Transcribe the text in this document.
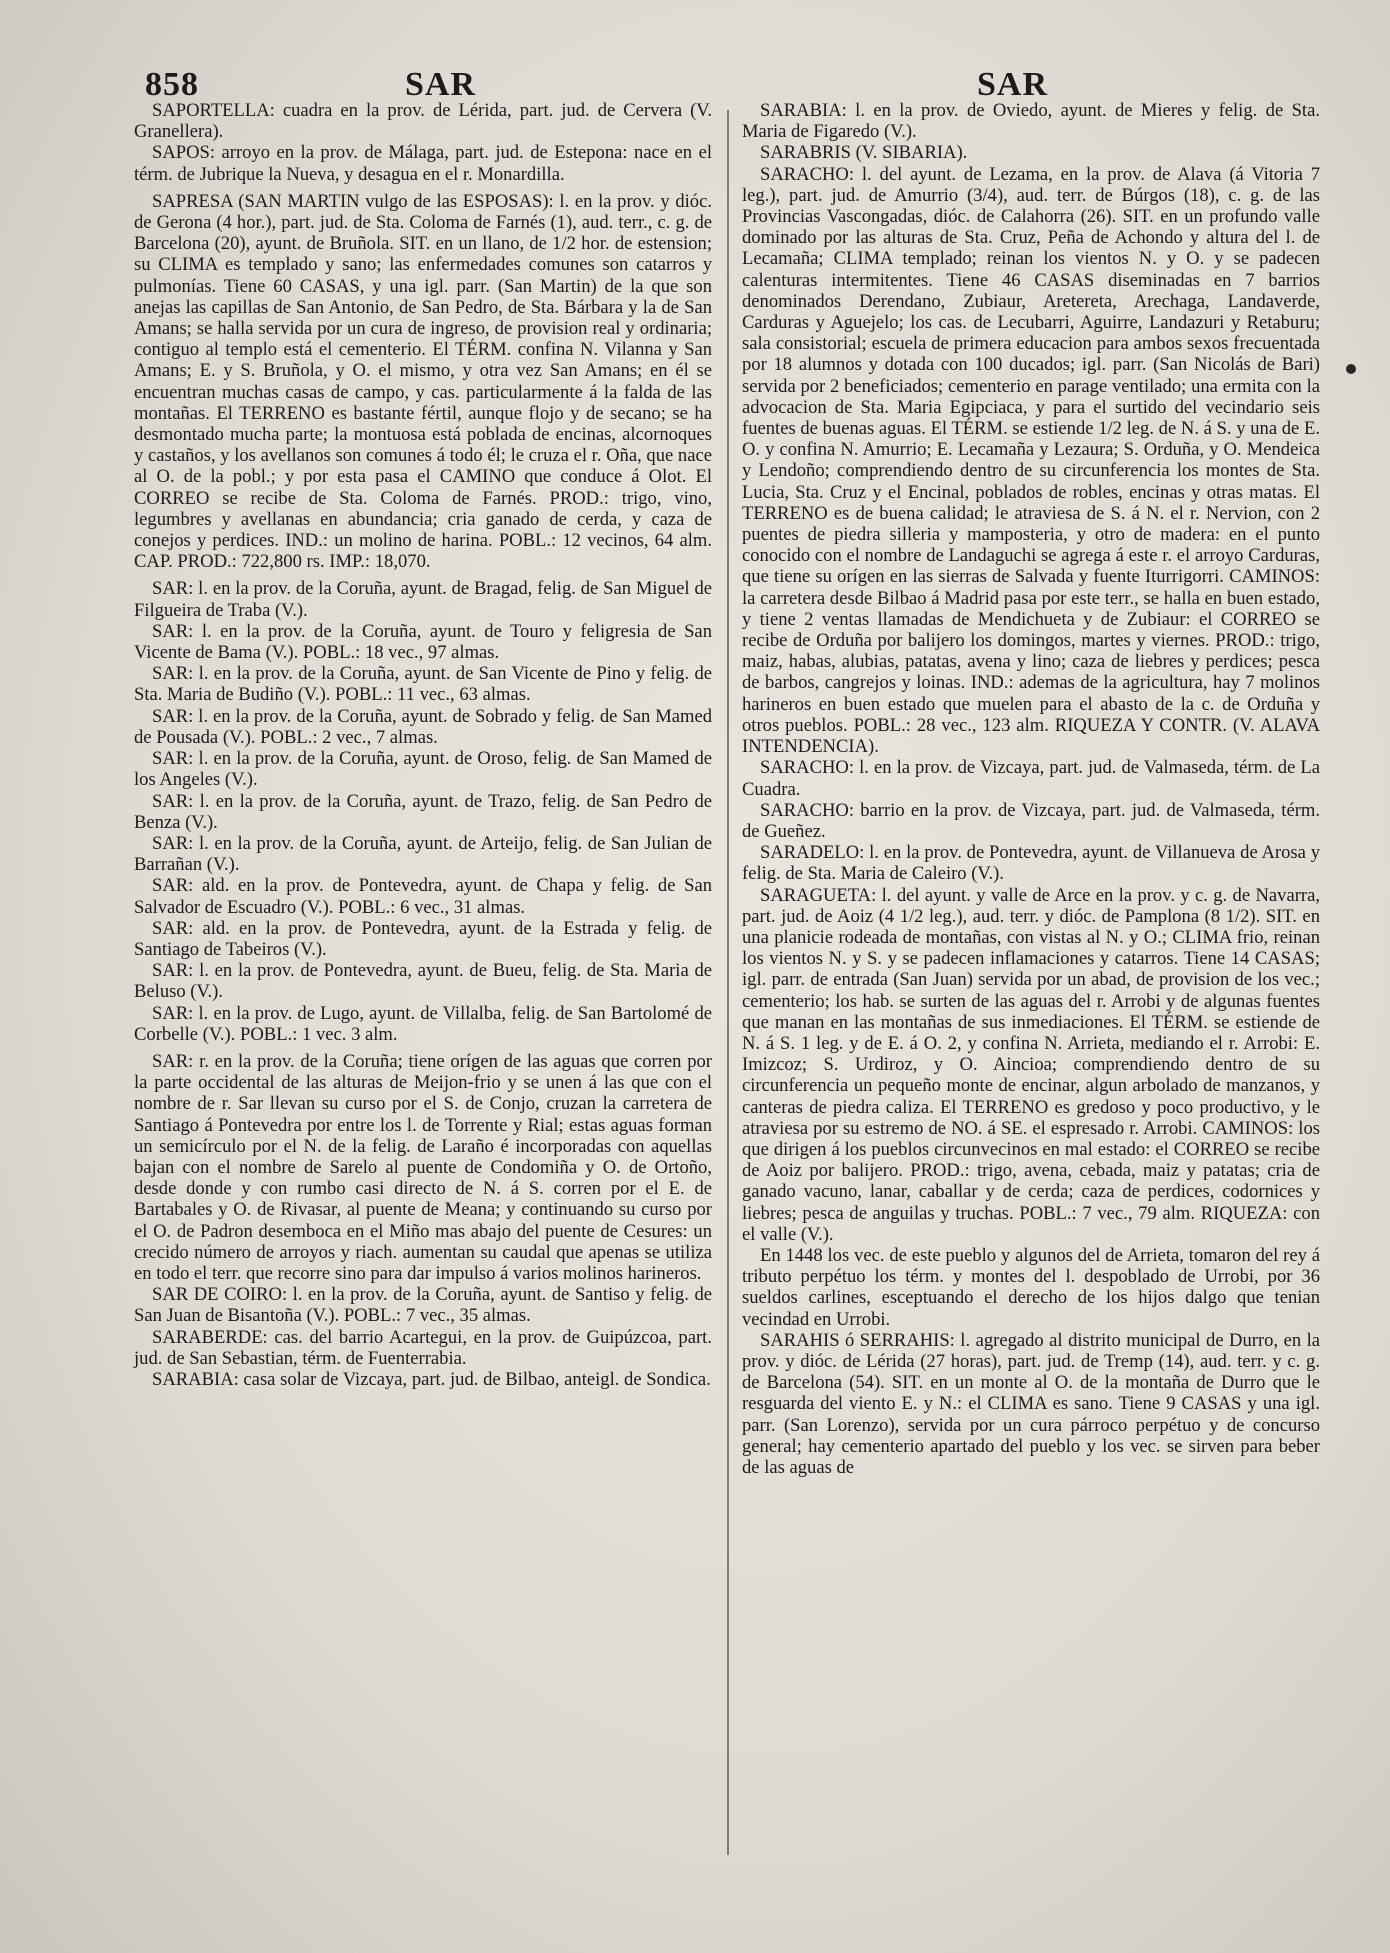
858	SAR	SAR

SAPORTELLA: cuadra en la prov. de Lérida, part. jud. de Cervera (V. Granellera).

SAPOS: arroyo en la prov. de Málaga, part. jud. de Estepona: nace en el térm. de Jubrique la Nueva, y desagua en el r. Monardilla.

SAPRESA (SAN MARTIN vulgo de las ESPOSAS): l. en la prov. y dióc. de Gerona (4 hor.), part. jud. de Sta. Coloma de Farnés (1), aud. terr., c. g. de Barcelona (20), ayunt. de Bruñola. SIT. en un llano, de 1/2 hor. de estension; su CLIMA es templado y sano; las enfermedades comunes son catarros y pulmonías. Tiene 60 CASAS, y una igl. parr. (San Martin) de la que son anejas las capillas de San Antonio, de San Pedro, de Sta. Bárbara y la de San Amans; se halla servida por un cura de ingreso, de provision real y ordinaria; contiguo al templo está el cementerio. El TÉRM. confina N. Vilanna y San Amans; E. y S. Bruñola, y O. el mismo, y otra vez San Amans; en él se encuentran muchas casas de campo, y cas. particularmente á la falda de las montañas. El TERRENO es bastante fértil, aunque flojo y de secano; se ha desmontado mucha parte; la montuosa está poblada de encinas, alcornoques y castaños, y los avellanos son comunes á todo él; le cruza el r. Oña, que nace al O. de la pobl.; y por esta pasa el CAMINO que conduce á Olot. El CORREO se recibe de Sta. Coloma de Farnés. PROD.: trigo, vino, legumbres y avellanas en abundancia; cria ganado de cerda, y caza de conejos y perdices. IND.: un molino de harina. POBL.: 12 vecinos, 64 alm. CAP. PROD.: 722,800 rs. IMP.: 18,070.

SAR: l. en la prov. de la Coruña, ayunt. de Bragad, felig. de San Miguel de Filgueira de Traba (V.).

SAR: l. en la prov. de la Coruña, ayunt. de Touro y feligresia de San Vicente de Bama (V.). POBL.: 18 vec., 97 almas.

SAR: l. en la prov. de la Coruña, ayunt. de San Vicente de Pino y felig. de Sta. Maria de Budiño (V.). POBL.: 11 vec., 63 almas.

SAR: l. en la prov. de la Coruña, ayunt. de Sobrado y felig. de San Mamed de Pousada (V.). POBL.: 2 vec., 7 almas.

SAR: l. en la prov. de la Coruña, ayunt. de Oroso, felig. de San Mamed de los Angeles (V.).

SAR: l. en la prov. de la Coruña, ayunt. de Trazo, felig. de San Pedro de Benza (V.).

SAR: l. en la prov. de la Coruña, ayunt. de Arteijo, felig. de San Julian de Barrañan (V.).

SAR: ald. en la prov. de Pontevedra, ayunt. de Chapa y felig. de San Salvador de Escuadro (V.). POBL.: 6 vec., 31 almas.

SAR: ald. en la prov. de Pontevedra, ayunt. de la Estrada y felig. de Santiago de Tabeiros (V.).

SAR: l. en la prov. de Pontevedra, ayunt. de Bueu, felig. de Sta. Maria de Beluso (V.).

SAR: l. en la prov. de Lugo, ayunt. de Villalba, felig. de San Bartolomé de Corbelle (V.). POBL.: 1 vec. 3 alm.

SAR: r. en la prov. de la Coruña; tiene orígen de las aguas que corren por la parte occidental de las alturas de Meijon-frio y se unen á las que con el nombre de r. Sar llevan su curso por el S. de Conjo, cruzan la carretera de Santiago á Pontevedra por entre los l. de Torrente y Rial; estas aguas forman un semicírculo por el N. de la felig. de Laraño é incorporadas con aquellas bajan con el nombre de Sarelo al puente de Condomiña y O. de Ortoño, desde donde y con rumbo casi directo de N. á S. corren por el E. de Bartabales y O. de Rivasar, al puente de Meana; y continuando su curso por el O. de Padron desemboca en el Miño mas abajo del puente de Cesures: un crecido número de arroyos y riach. aumentan su caudal que apenas se utiliza en todo el terr. que recorre sino para dar impulso á varios molinos harineros.

SAR DE COIRO: l. en la prov. de la Coruña, ayunt. de Santiso y felig. de San Juan de Bisantoña (V.). POBL.: 7 vec., 35 almas.

SARABERDE: cas. del barrio Acartegui, en la prov. de Guipúzcoa, part. jud. de San Sebastian, térm. de Fuenterrabia.

SARABIA: casa solar de Vizcaya, part. jud. de Bilbao, anteigl. de Sondica.

SARABIA: l. en la prov. de Oviedo, ayunt. de Mieres y felig. de Sta. Maria de Figaredo (V.).

SARABRIS (V. SIBARIA).

SARACHO: l. del ayunt. de Lezama, en la prov. de Alava (á Vitoria 7 leg.), part. jud. de Amurrio (3/4), aud. terr. de Búrgos (18), c. g. de las Provincias Vascongadas, dióc. de Calahorra (26). SIT. en un profundo valle dominado por las alturas de Sta. Cruz, Peña de Achondo y altura del l. de Lecamaña; CLIMA templado; reinan los vientos N. y O. y se padecen calenturas intermitentes. Tiene 46 CASAS diseminadas en 7 barrios denominados Derendano, Zubiaur, Aretereta, Arechaga, Landaverde, Carduras y Aguejelo; los cas. de Lecubarri, Aguirre, Landazuri y Retaburu; sala consistorial; escuela de primera educacion para ambos sexos frecuentada por 18 alumnos y dotada con 100 ducados; igl. parr. (San Nicolás de Bari) servida por 2 beneficiados; cementerio en parage ventilado; una ermita con la advocacion de Sta. Maria Egipciaca, y para el surtido del vecindario seis fuentes de buenas aguas. El TÉRM. se estiende 1/2 leg. de N. á S. y una de E. O. y confina N. Amurrio; E. Lecamaña y Lezaura; S. Orduña, y O. Mendeica y Lendoño; comprendiendo dentro de su circunferencia los montes de Sta. Lucia, Sta. Cruz y el Encinal, poblados de robles, encinas y otras matas. El TERRENO es de buena calidad; le atraviesa de S. á N. el r. Nervion, con 2 puentes de piedra silleria y mamposteria, y otro de madera: en el punto conocido con el nombre de Landaguchi se agrega á este r. el arroyo Carduras, que tiene su orígen en las sierras de Salvada y fuente Iturrigorri. CAMINOS: la carretera desde Bilbao á Madrid pasa por este terr., se halla en buen estado, y tiene 2 ventas llamadas de Mendichueta y de Zubiaur: el CORREO se recibe de Orduña por balijero los domingos, martes y viernes. PROD.: trigo, maiz, habas, alubias, patatas, avena y lino; caza de liebres y perdices; pesca de barbos, cangrejos y loinas. IND.: ademas de la agricultura, hay 7 molinos harineros en buen estado que muelen para el abasto de la c. de Orduña y otros pueblos. POBL.: 28 vec., 123 alm. RIQUEZA Y CONTR. (V. ALAVA INTENDENCIA).

SARACHO: l. en la prov. de Vizcaya, part. jud. de Valmaseda, térm. de La Cuadra.

SARACHO: barrio en la prov. de Vizcaya, part. jud. de Valmaseda, térm. de Gueñez.

SARADELO: l. en la prov. de Pontevedra, ayunt. de Villanueva de Arosa y felig. de Sta. Maria de Caleiro (V.).

SARAGUETA: l. del ayunt. y valle de Arce en la prov. y c. g. de Navarra, part. jud. de Aoiz (4 1/2 leg.), aud. terr. y dióc. de Pamplona (8 1/2). SIT. en una planicie rodeada de montañas, con vistas al N. y O.; CLIMA frio, reinan los vientos N. y S. y se padecen inflamaciones y catarros. Tiene 14 CASAS; igl. parr. de entrada (San Juan) servida por un abad, de provision de los vec.; cementerio; los hab. se surten de las aguas del r. Arrobi y de algunas fuentes que manan en las montañas de sus inmediaciones. El TÉRM. se estiende de N. á S. 1 leg. y de E. á O. 2, y confina N. Arrieta, mediando el r. Arrobi: E. Imizcoz; S. Urdiroz, y O. Aincioa; comprendiendo dentro de su circunferencia un pequeño monte de encinar, algun arbolado de manzanos, y canteras de piedra caliza. El TERRENO es gredoso y poco productivo, y le atraviesa por su estremo de NO. á SE. el espresado r. Arrobi. CAMINOS: los que dirigen á los pueblos circunvecinos en mal estado: el CORREO se recibe de Aoiz por balijero. PROD.: trigo, avena, cebada, maiz y patatas; cria de ganado vacuno, lanar, caballar y de cerda; caza de perdices, codornices y liebres; pesca de anguilas y truchas. POBL.: 7 vec., 79 alm. RIQUEZA: con el valle (V.).

En 1448 los vec. de este pueblo y algunos del de Arrieta, tomaron del rey á tributo perpétuo los térm. y montes del l. despoblado de Urrobi, por 36 sueldos carlines, esceptuando el derecho de los hijos dalgo que tenian vecindad en Urrobi.

SARAHIS ó SERRAHIS: l. agregado al distrito municipal de Durro, en la prov. y dióc. de Lérida (27 horas), part. jud. de Tremp (14), aud. terr. y c. g. de Barcelona (54). SIT. en un monte al O. de la montaña de Durro que le resguarda del viento E. y N.: el CLIMA es sano. Tiene 9 CASAS y una igl. parr. (San Lorenzo), servida por un cura párroco perpétuo y de concurso general; hay cementerio apartado del pueblo y los vec. se sirven para beber de las aguas de
